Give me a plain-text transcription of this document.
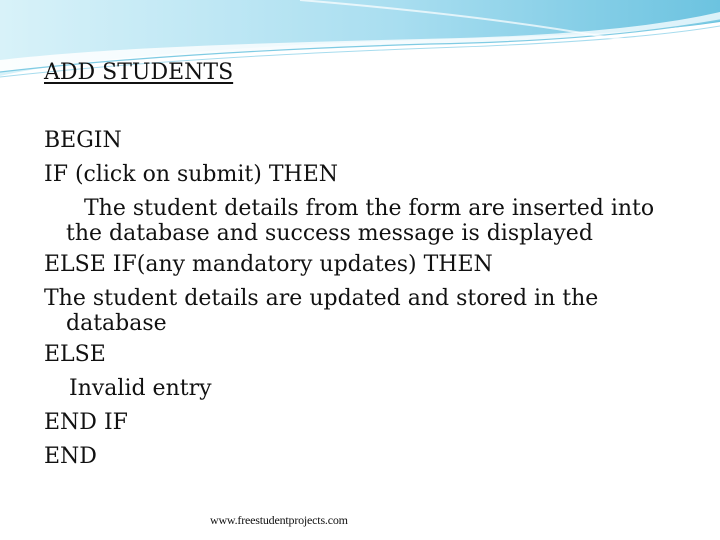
ADD STUDENTS
BEGIN
IF (click on submit) THEN
The student details from the form are inserted into
the database and success message is displayed
ELSE IF(any mandatory updates) THEN
The student details are updated and stored in the
database
ELSE
Invalid entry
END IF
END
www.freestudentprojects.com
